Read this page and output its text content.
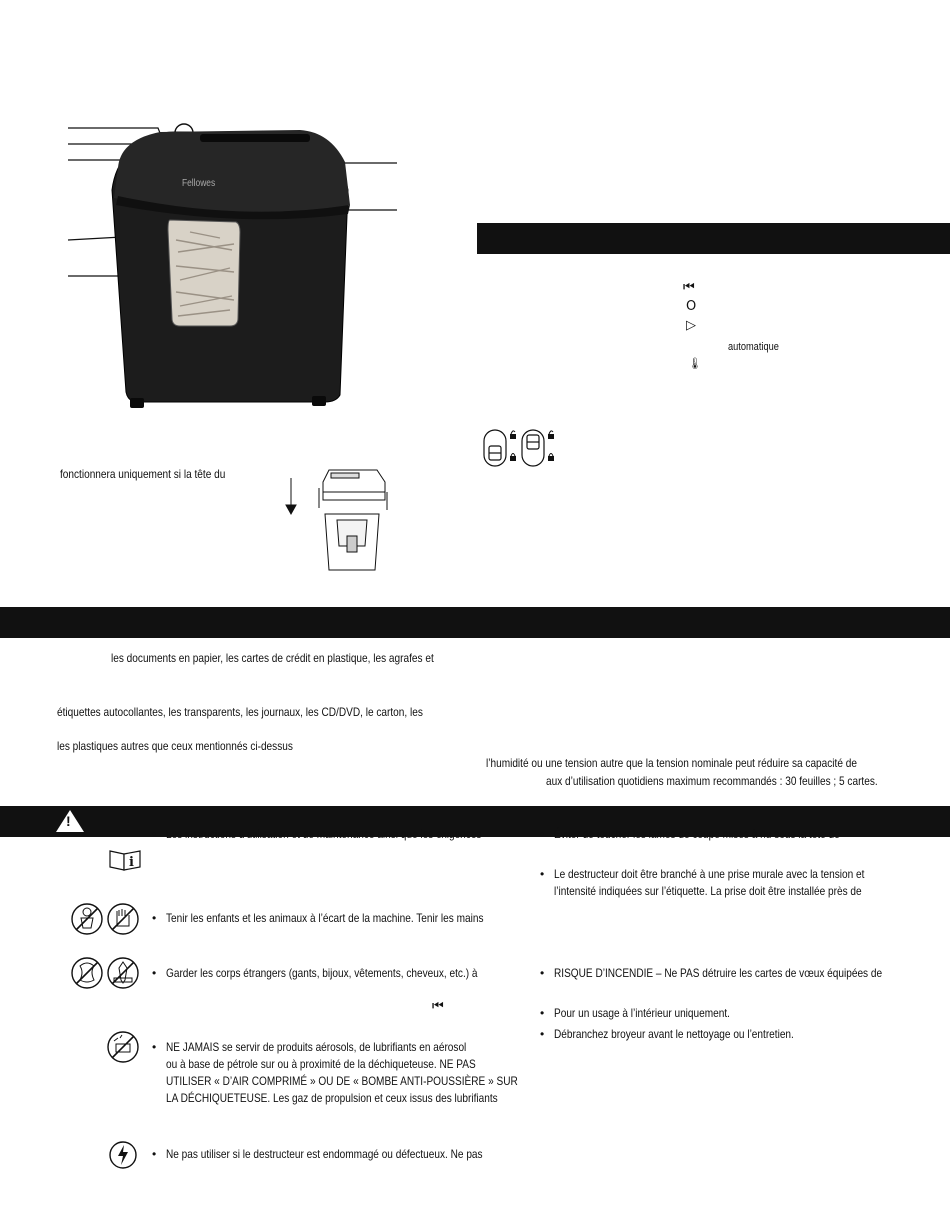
Fellowes
fonctionnera uniquement si la tête du
⏮
O
▷
automatique
🌡
les documents en papier, les cartes de crédit en plastique, les agrafes et
étiquettes autocollantes, les transparents, les journaux, les CD/DVD, le carton, les
les plastiques autres que ceux mentionnés ci-dessus
l’humidité ou une tension autre que la tension nominale peut réduire sa capacité de
aux d’utilisation quotidiens maximum recommandés : 30 feuilles ; 5 cartes.
!
i
⏮
• Les instructions d’utilisation et de maintenance ainsi que les exigences
• Tenir les enfants et les animaux à l’écart de la machine. Tenir les mains
• Garder les corps étrangers (gants, bijoux, vêtements, cheveux, etc.) à
• NE JAMAIS se servir de produits aérosols, de lubrifiants en aérosol
ou à base de pétrole sur ou à proximité de la déchiqueteuse. NE PAS
UTILISER « D’AIR COMPRIMÉ » OU DE « BOMBE ANTI-POUSSIÈRE » SUR
LA DÉCHIQUETEUSE. Les gaz de propulsion et ceux issus des lubrifiants
• Ne pas utiliser si le destructeur est endommagé ou défectueux. Ne pas
• Éviter de toucher les lames de coupe mises à nu sous la tête de
• Le destructeur doit être branché à une prise murale avec la tension et
l’intensité indiquées sur l’étiquette. La prise doit être installée près de
• RISQUE D’INCENDIE – Ne PAS détruire les cartes de vœux équipées de
• Pour un usage à l’intérieur uniquement.
• Débranchez broyeur avant le nettoyage ou l’entretien.
